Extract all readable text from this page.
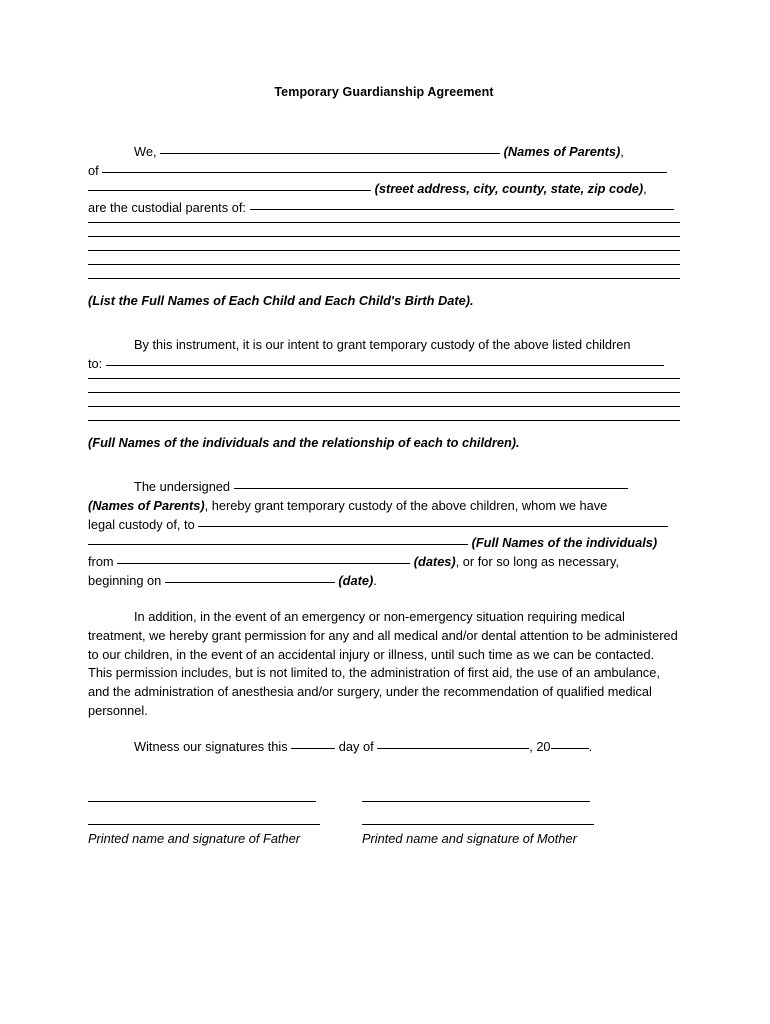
Temporary Guardianship Agreement

We,	(Names of Parents),
of
(street address, city, county, state, zip code),
are the custodial parents of:

(List the Full Names of Each Child and Each Child's Birth Date).

By this instrument, it is our intent to grant temporary custody of the above listed children
to:

(Full Names of the individuals and the relationship of each to children).

The undersigned
(Names of Parents), hereby grant temporary custody of the above children, whom we have
legal custody of, to
(Full Names of the individuals)
from	(dates), or for so long as necessary,
beginning on	(date).

In addition, in the event of an emergency or non-emergency situation requiring medical treatment, we hereby grant permission for any and all medical and/or dental attention to be administered to our children, in the event of an accidental injury or illness, until such time as we can be contacted. This permission includes, but is not limited to, the administration of first aid, the use of an ambulance, and the administration of anesthesia and/or surgery, under the recommendation of qualified medical personnel.

Witness our signatures this	day of	, 20	.

Printed name and signature of Father	Printed name and signature of Mother
